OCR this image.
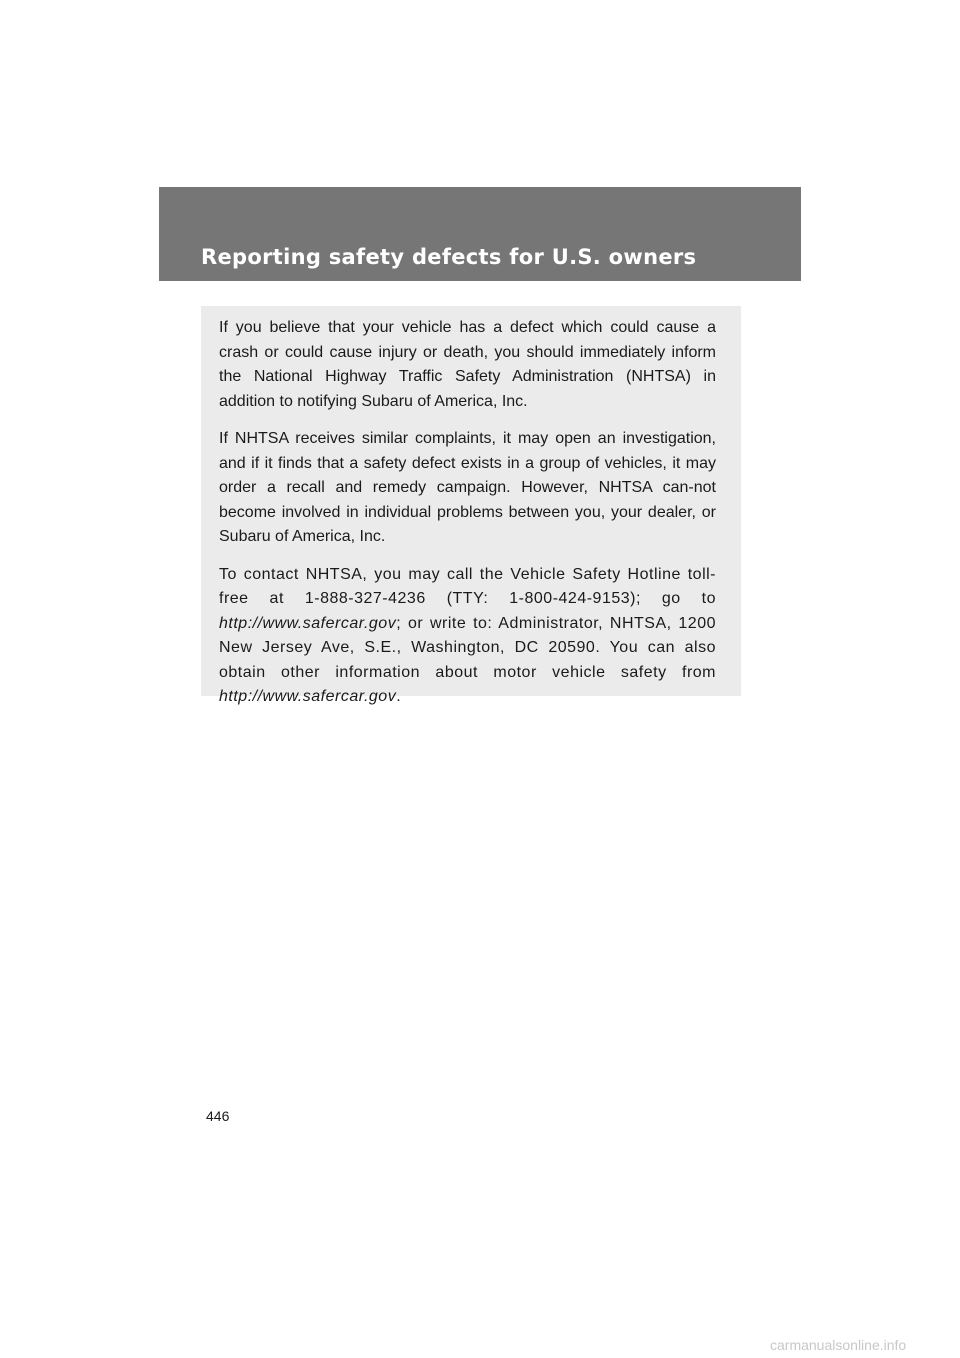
Reporting safety defects for U.S. owners

If you believe that your vehicle has a defect which could cause a crash or could cause injury or death, you should immediately inform the National Highway Traffic Safety Administration (NHTSA) in addition to notifying Subaru of America, Inc.

If NHTSA receives similar complaints, it may open an investigation, and if it finds that a safety defect exists in a group of vehicles, it may order a recall and remedy campaign. However, NHTSA can-not become involved in individual problems between you, your dealer, or Subaru of America, Inc.

To contact NHTSA, you may call the Vehicle Safety Hotline toll-free at 1-888-327-4236 (TTY: 1-800-424-9153); go to http://www.safercar.gov; or write to: Administrator, NHTSA, 1200 New Jersey Ave, S.E., Washington, DC 20590. You can also obtain other information about motor vehicle safety from http://www.safercar.gov.

446
carmanualsonline.info
